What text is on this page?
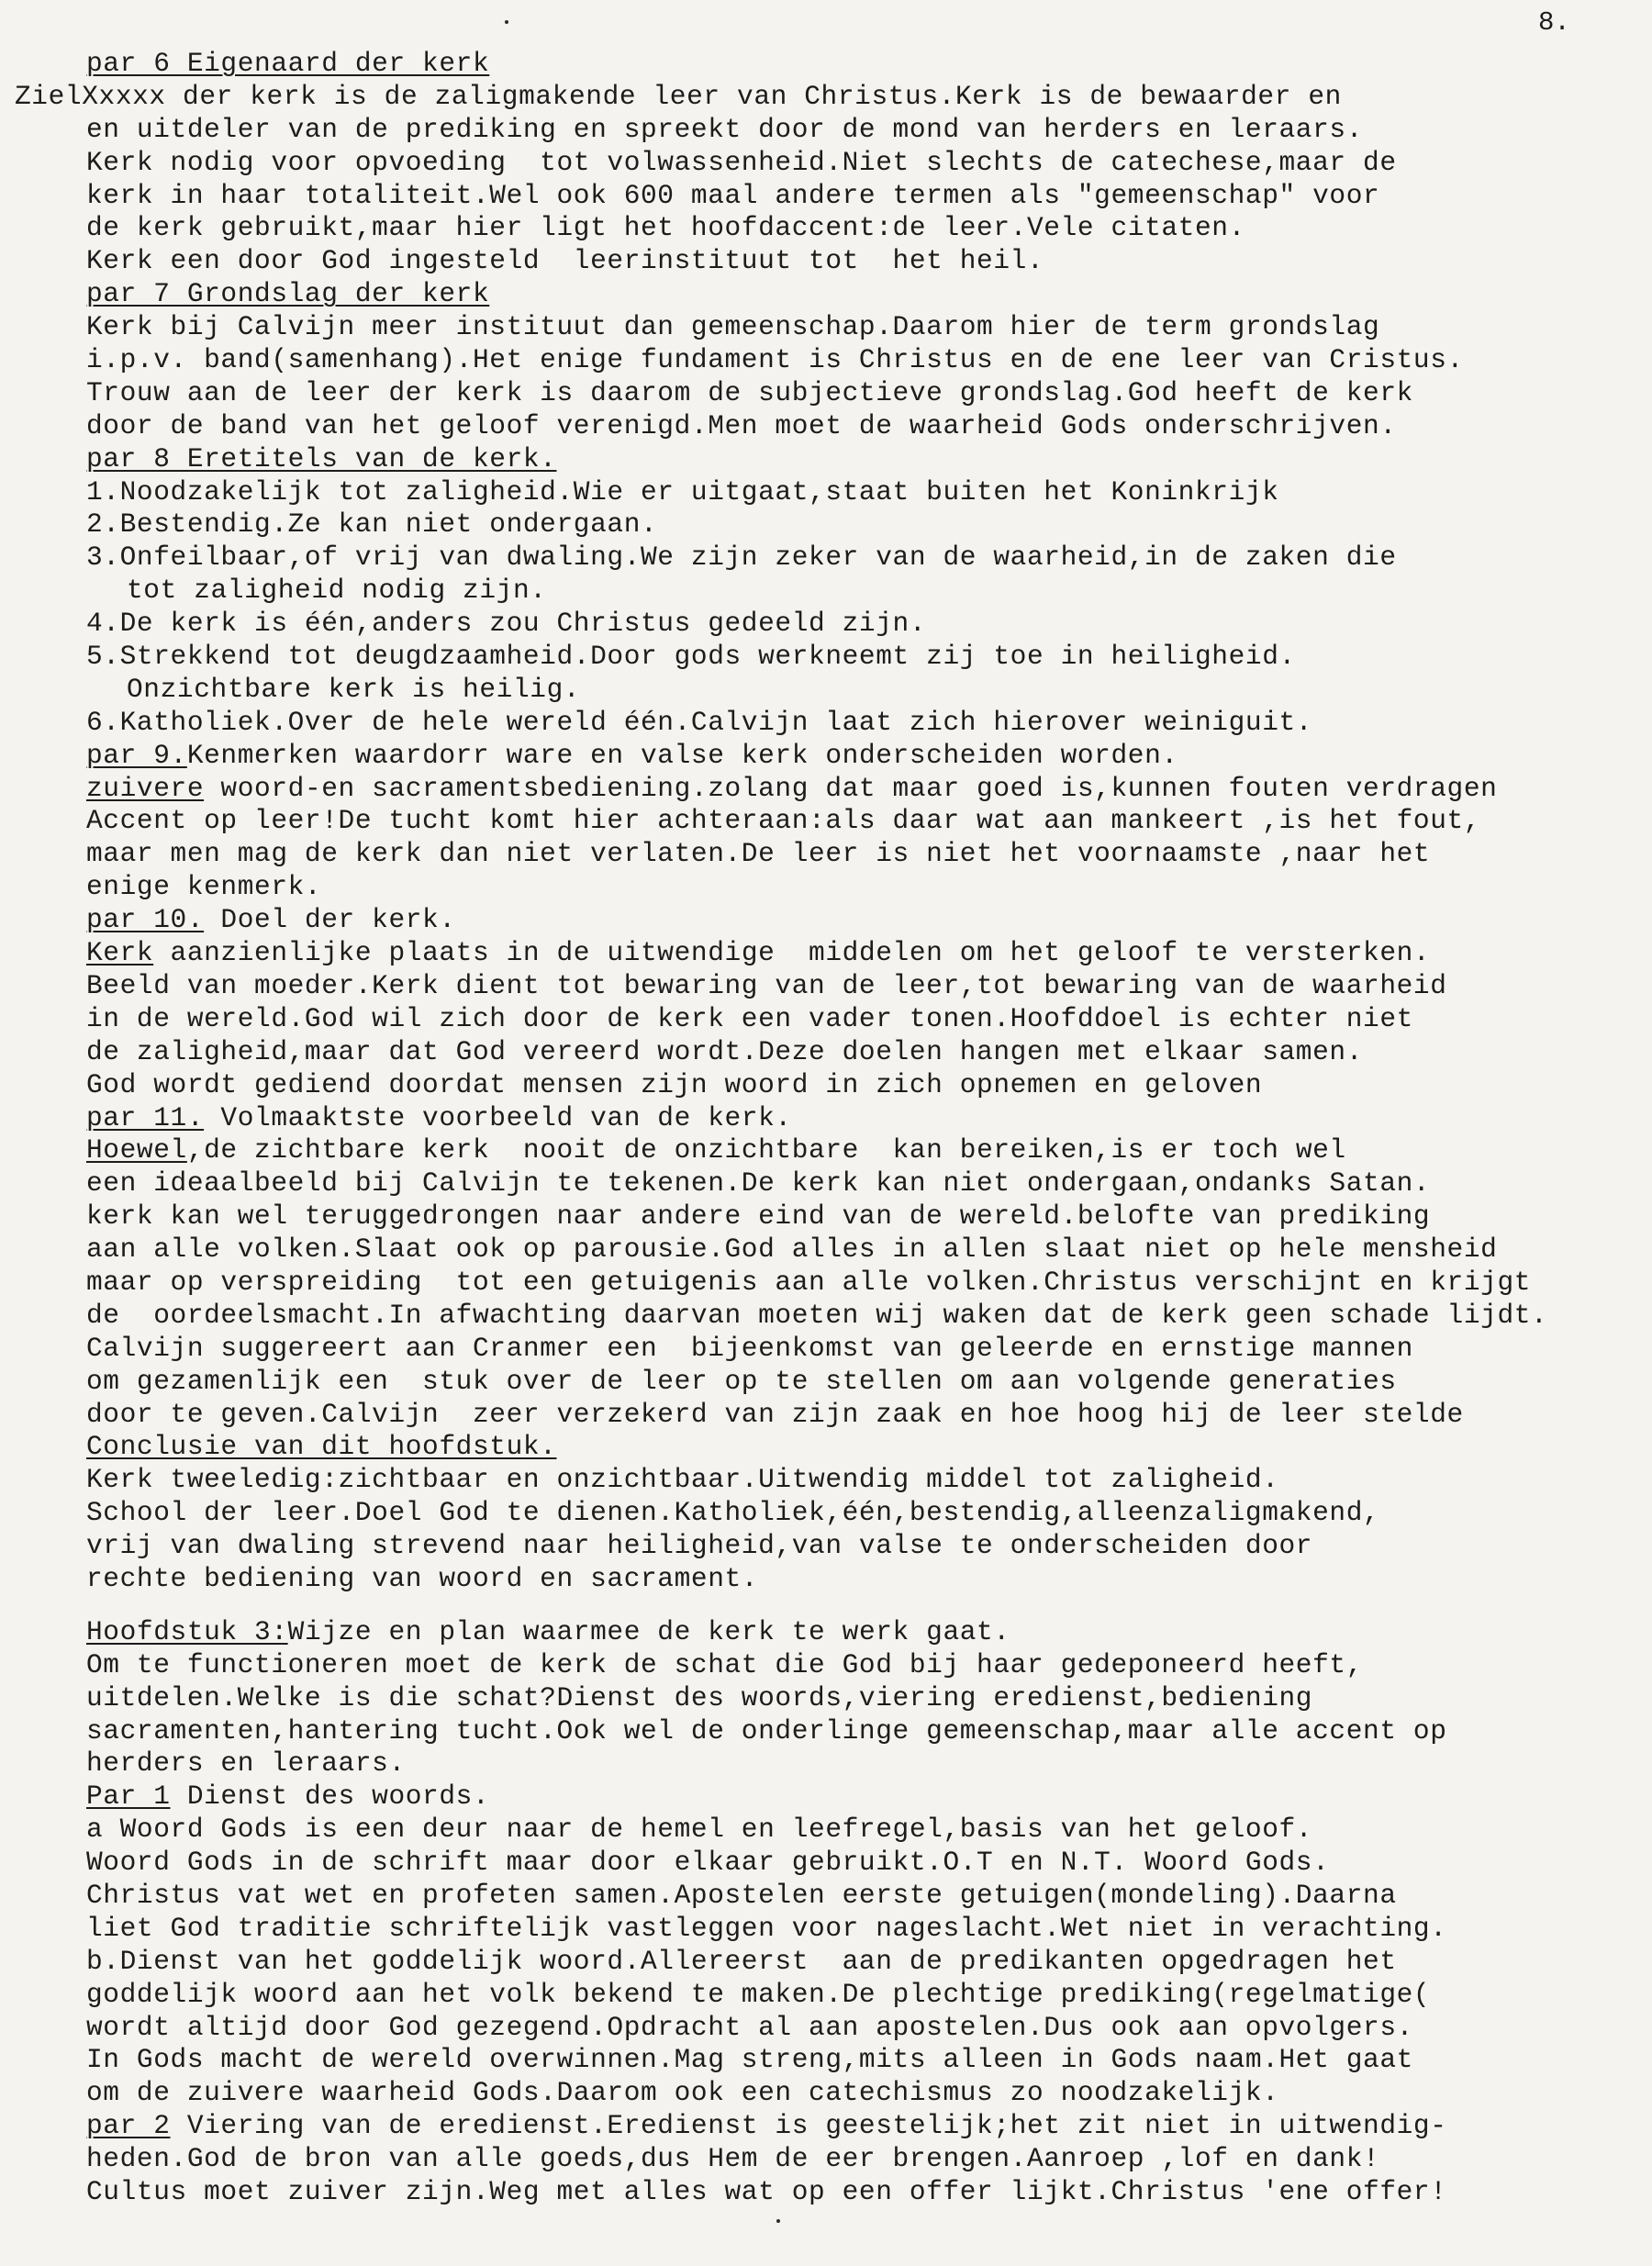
8.
par 6 Eigenaard der kerk
ZielXxxxx der kerk is de zaligmakende leer van Christus.Kerk is de bewaarder en
en uitdeler van de prediking en spreekt door de mond van herders en leraars.
Kerk nodig voor opvoeding  tot volwassenheid.Niet slechts de catechese,maar de
kerk in haar totaliteit.Wel ook 600 maal andere termen als "gemeenschap" voor
de kerk gebruikt,maar hier ligt het hoofdaccent:de leer.Vele citaten.
Kerk een door God ingesteld  leerinstituut tot  het heil.
par 7 Grondslag der kerk
Kerk bij Calvijn meer instituut dan gemeenschap.Daarom hier de term grondslag
i.p.v. band(samenhang).Het enige fundament is Christus en de ene leer van Cristus.
Trouw aan de leer der kerk is daarom de subjectieve grondslag.God heeft de kerk
door de band van het geloof verenigd.Men moet de waarheid Gods onderschrijven.
par 8 Eretitels van de kerk.
1.Noodzakelijk tot zaligheid.Wie er uitgaat,staat buiten het Koninkrijk
2.Bestendig.Ze kan niet ondergaan.
3.Onfeilbaar,of vrij van dwaling.We zijn zeker van de waarheid,in de zaken die
tot zaligheid nodig zijn.
4.De kerk is één,anders zou Christus gedeeld zijn.
5.Strekkend tot deugdzaamheid.Door gods werkneemt zij toe in heiligheid.
Onzichtbare kerk is heilig.
6.Katholiek.Over de hele wereld één.Calvijn laat zich hierover weiniguit.
par 9.Kenmerken waardorr ware en valse kerk onderscheiden worden.
zuivere woord-en sacramentsbediening.zolang dat maar goed is,kunnen fouten verdragen
Accent op leer!De tucht komt hier achteraan:als daar wat aan mankeert ,is het fout,
maar men mag de kerk dan niet verlaten.De leer is niet het voornaamste ,naar het
enige kenmerk.
par 10. Doel der kerk.
Kerk aanzienlijke plaats in de uitwendige  middelen om het geloof te versterken.
Beeld van moeder.Kerk dient tot bewaring van de leer,tot bewaring van de waarheid
in de wereld.God wil zich door de kerk een vader tonen.Hoofddoel is echter niet
de zaligheid,maar dat God vereerd wordt.Deze doelen hangen met elkaar samen.
God wordt gediend doordat mensen zijn woord in zich opnemen en geloven
par 11. Volmaaktste voorbeeld van de kerk.
Hoewel,de zichtbare kerk  nooit de onzichtbare  kan bereiken,is er toch wel
een ideaalbeeld bij Calvijn te tekenen.De kerk kan niet ondergaan,ondanks Satan.
kerk kan wel teruggedrongen naar andere eind van de wereld.belofte van prediking
aan alle volken.Slaat ook op parousie.God alles in allen slaat niet op hele mensheid
maar op verspreiding  tot een getuigenis aan alle volken.Christus verschijnt en krijgt
de  oordeelsmacht.In afwachting daarvan moeten wij waken dat de kerk geen schade lijdt.
Calvijn suggereert aan Cranmer een  bijeenkomst van geleerde en ernstige mannen
om gezamenlijk een  stuk over de leer op te stellen om aan volgende generaties
door te geven.Calvijn  zeer verzekerd van zijn zaak en hoe hoog hij de leer stelde
Conclusie van dit hoofdstuk.
Kerk tweeledig:zichtbaar en onzichtbaar.Uitwendig middel tot zaligheid.
School der leer.Doel God te dienen.Katholiek,één,bestendig,alleenzaligmakend,
vrij van dwaling strevend naar heiligheid,van valse te onderscheiden door
rechte bediening van woord en sacrament.
Hoofdstuk 3:Wijze en plan waarmee de kerk te werk gaat.
Om te functioneren moet de kerk de schat die God bij haar gedeponeerd heeft,
uitdelen.Welke is die schat?Dienst des woords,viering eredienst,bediening
sacramenten,hantering tucht.Ook wel de onderlinge gemeenschap,maar alle accent op
herders en leraars.
Par 1 Dienst des woords.
a Woord Gods is een deur naar de hemel en leefregel,basis van het geloof.
Woord Gods in de schrift maar door elkaar gebruikt.O.T en N.T. Woord Gods.
Christus vat wet en profeten samen.Apostelen eerste getuigen(mondeling).Daarna
liet God traditie schriftelijk vastleggen voor nageslacht.Wet niet in verachting.
b.Dienst van het goddelijk woord.Allereerst  aan de predikanten opgedragen het
goddelijk woord aan het volk bekend te maken.De plechtige prediking(regelmatige(
wordt altijd door God gezegend.Opdracht al aan apostelen.Dus ook aan opvolgers.
In Gods macht de wereld overwinnen.Mag streng,mits alleen in Gods naam.Het gaat
om de zuivere waarheid Gods.Daarom ook een catechismus zo noodzakelijk.
par 2 Viering van de eredienst.Eredienst is geestelijk;het zit niet in uitwendig-
heden.God de bron van alle goeds,dus Hem de eer brengen.Aanroep ,lof en dank!
Cultus moet zuiver zijn.Weg met alles wat op een offer lijkt.Christus 'ene offer!
